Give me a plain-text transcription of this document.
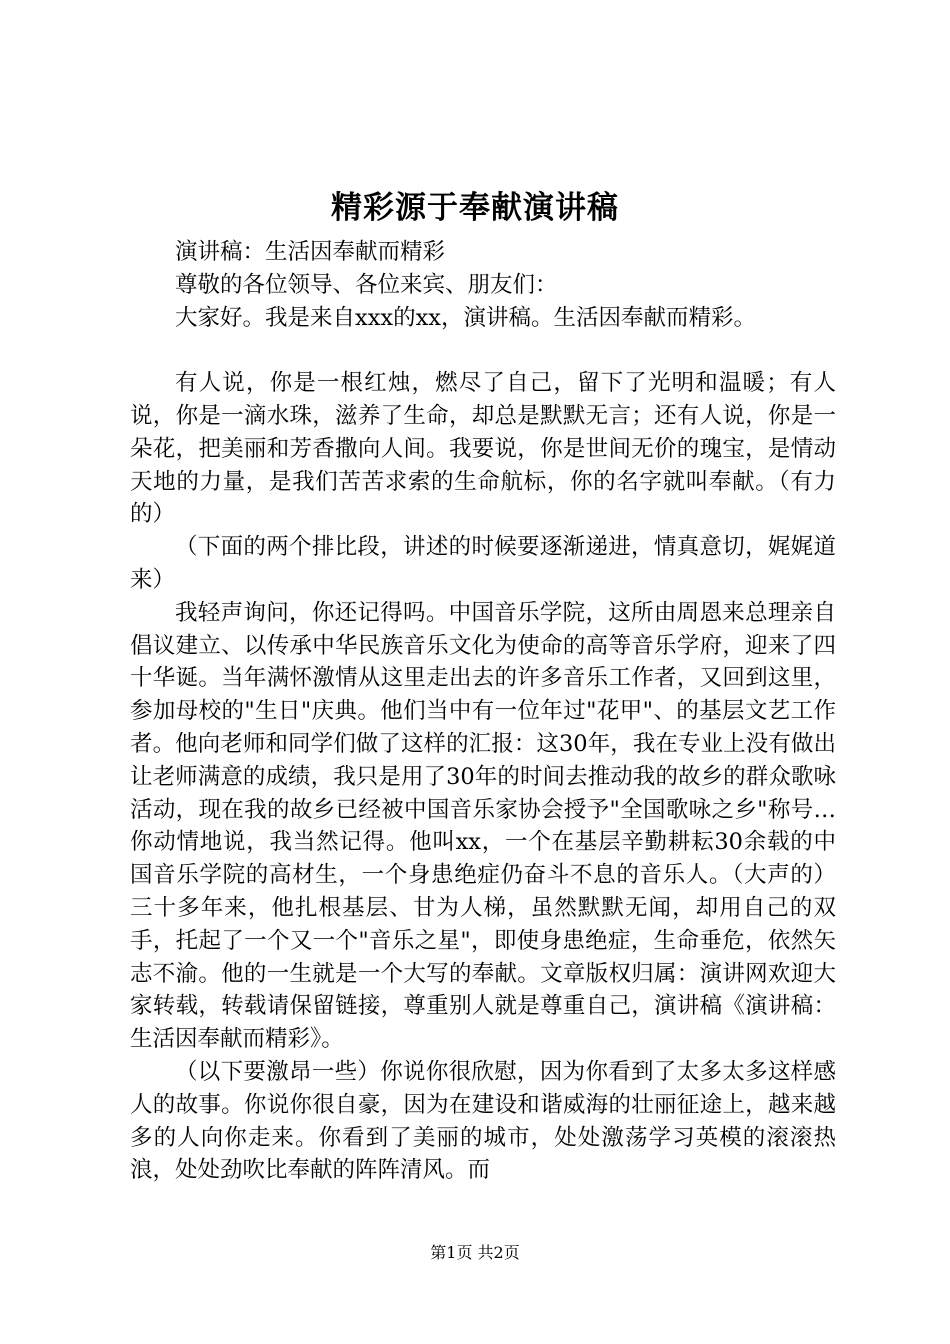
精彩源于奉献演讲稿

演讲稿：生活因奉献而精彩

尊敬的各位领导、各位来宾、朋友们：

大家好。我是来自xxx的xx，演讲稿。生活因奉献而精彩。

有人说，你是一根红烛，燃尽了自己，留下了光明和温暖；有人说，你是一滴水珠，滋养了生命，却总是默默无言；还有人说，你是一朵花，把美丽和芳香撒向人间。我要说，你是世间无价的瑰宝，是情动天地的力量，是我们苦苦求索的生命航标，你的名字就叫奉献。（有力的）

（下面的两个排比段，讲述的时候要逐渐递进，情真意切，娓娓道来）

我轻声询问，你还记得吗。中国音乐学院，这所由周恩来总理亲自倡议建立、以传承中华民族音乐文化为使命的高等音乐学府，迎来了四十华诞。当年满怀激情从这里走出去的许多音乐工作者，又回到这里，参加母校的"生日"庆典。他们当中有一位年过"花甲"、的基层文艺工作者。他向老师和同学们做了这样的汇报：这30年，我在专业上没有做出让老师满意的成绩，我只是用了30年的时间去推动我的故乡的群众歌咏活动，现在我的故乡已经被中国音乐家协会授予"全国歌咏之乡"称号…你动情地说，我当然记得。他叫xx，一个在基层辛勤耕耘30余载的中国音乐学院的高材生，一个身患绝症仍奋斗不息的音乐人。（大声的）三十多年来，他扎根基层、甘为人梯，虽然默默无闻，却用自己的双手，托起了一个又一个"音乐之星"，即使身患绝症，生命垂危，依然矢志不渝。他的一生就是一个大写的奉献。文章版权归属：演讲网欢迎大家转载，转载请保留链接，尊重别人就是尊重自己，演讲稿《演讲稿：生活因奉献而精彩》。

（以下要激昂一些）你说你很欣慰，因为你看到了太多太多这样感人的故事。你说你很自豪，因为在建设和谐威海的壮丽征途上，越来越多的人向你走来。你看到了美丽的城市，处处激荡学习英模的滚滚热浪，处处劲吹比奉献的阵阵清风。而

第1页 共2页
